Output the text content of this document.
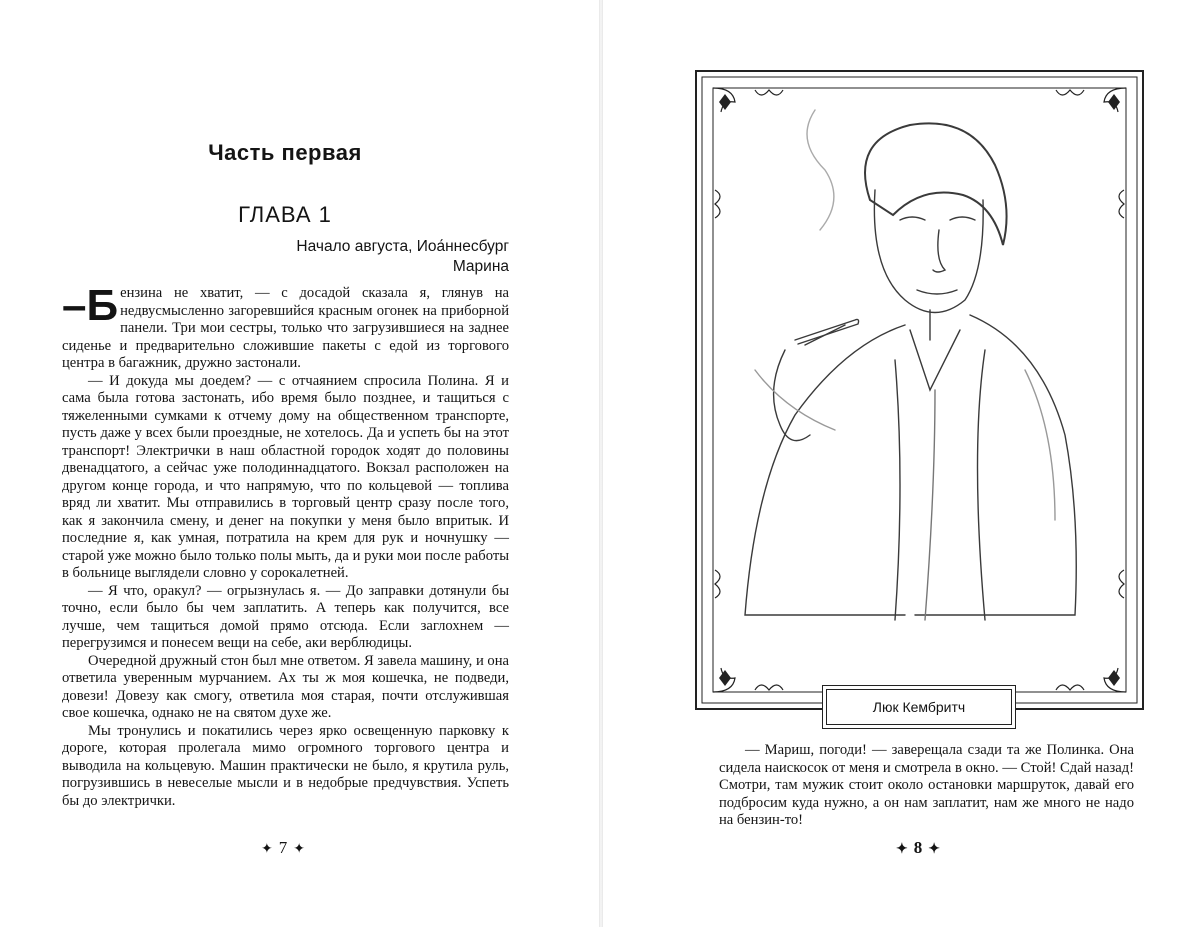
Часть первая
ГЛАВА 1
Начало августа, Иоа́ннесбург
Марина

–Б ензина не хватит, — с досадой сказала я, глянув на недвусмысленно загоревшийся красным огонек на приборной панели. Три мои сестры, только что загрузившиеся на заднее сиденье и предварительно сложившие пакеты с едой из торгового центра в багажник, дружно застонали.

— И докуда мы доедем? — с отчаянием спросила Полина. Я и сама была готова застонать, ибо время было позднее, и тащиться с тяжеленными сумками к отчему дому на общественном транспорте, пусть даже у всех были проездные, не хотелось. Да и успеть бы на этот транспорт! Электрички в наш областной городок ходят до половины двенадцатого, а сейчас уже полодиннадцатого. Вокзал расположен на другом конце города, и что напрямую, что по кольцевой — топлива вряд ли хватит. Мы отправились в торговый центр сразу после того, как я закончила смену, и денег на покупки у меня было впритык. И последние я, как умная, потратила на крем для рук и ночнушку — старой уже можно было только полы мыть, да и руки мои после работы в больнице выглядели словно у сорокалетней.

— Я что, оракул? — огрызнулась я. — До заправки дотянули бы точно, если было бы чем заплатить. А теперь как получится, все лучше, чем тащиться домой прямо отсюда. Если заглохнем — перегрузимся и понесем вещи на себе, аки верблюдицы.

Очередной дружный стон был мне ответом. Я завела машину, и она ответила уверенным мурчанием. Ах ты ж моя кошечка, не подведи, довези! Довезу как смогу, ответила моя старая, почти отслужившая свое кошечка, однако не на святом духе же.

Мы тронулись и покатились через ярко освещенную парковку к дороге, которая пролегала мимо огромного торгового центра и выводила на кольцевую. Машин практически не было, я крутила руль, погрузившись в невеселые мысли и в недобрые предчувствия. Успеть бы до электрички.

✦ 7 ✦
Люк Кембритч

— Мариш, погоди! — заверещала сзади та же Полинка. Она сидела наискосок от меня и смотрела в окно. — Стой! Сдай назад! Смотри, там мужик стоит около остановки маршруток, давай его подбросим куда нужно, а он нам заплатит, нам же много не надо на бензин-то!

✦ 8 ✦
